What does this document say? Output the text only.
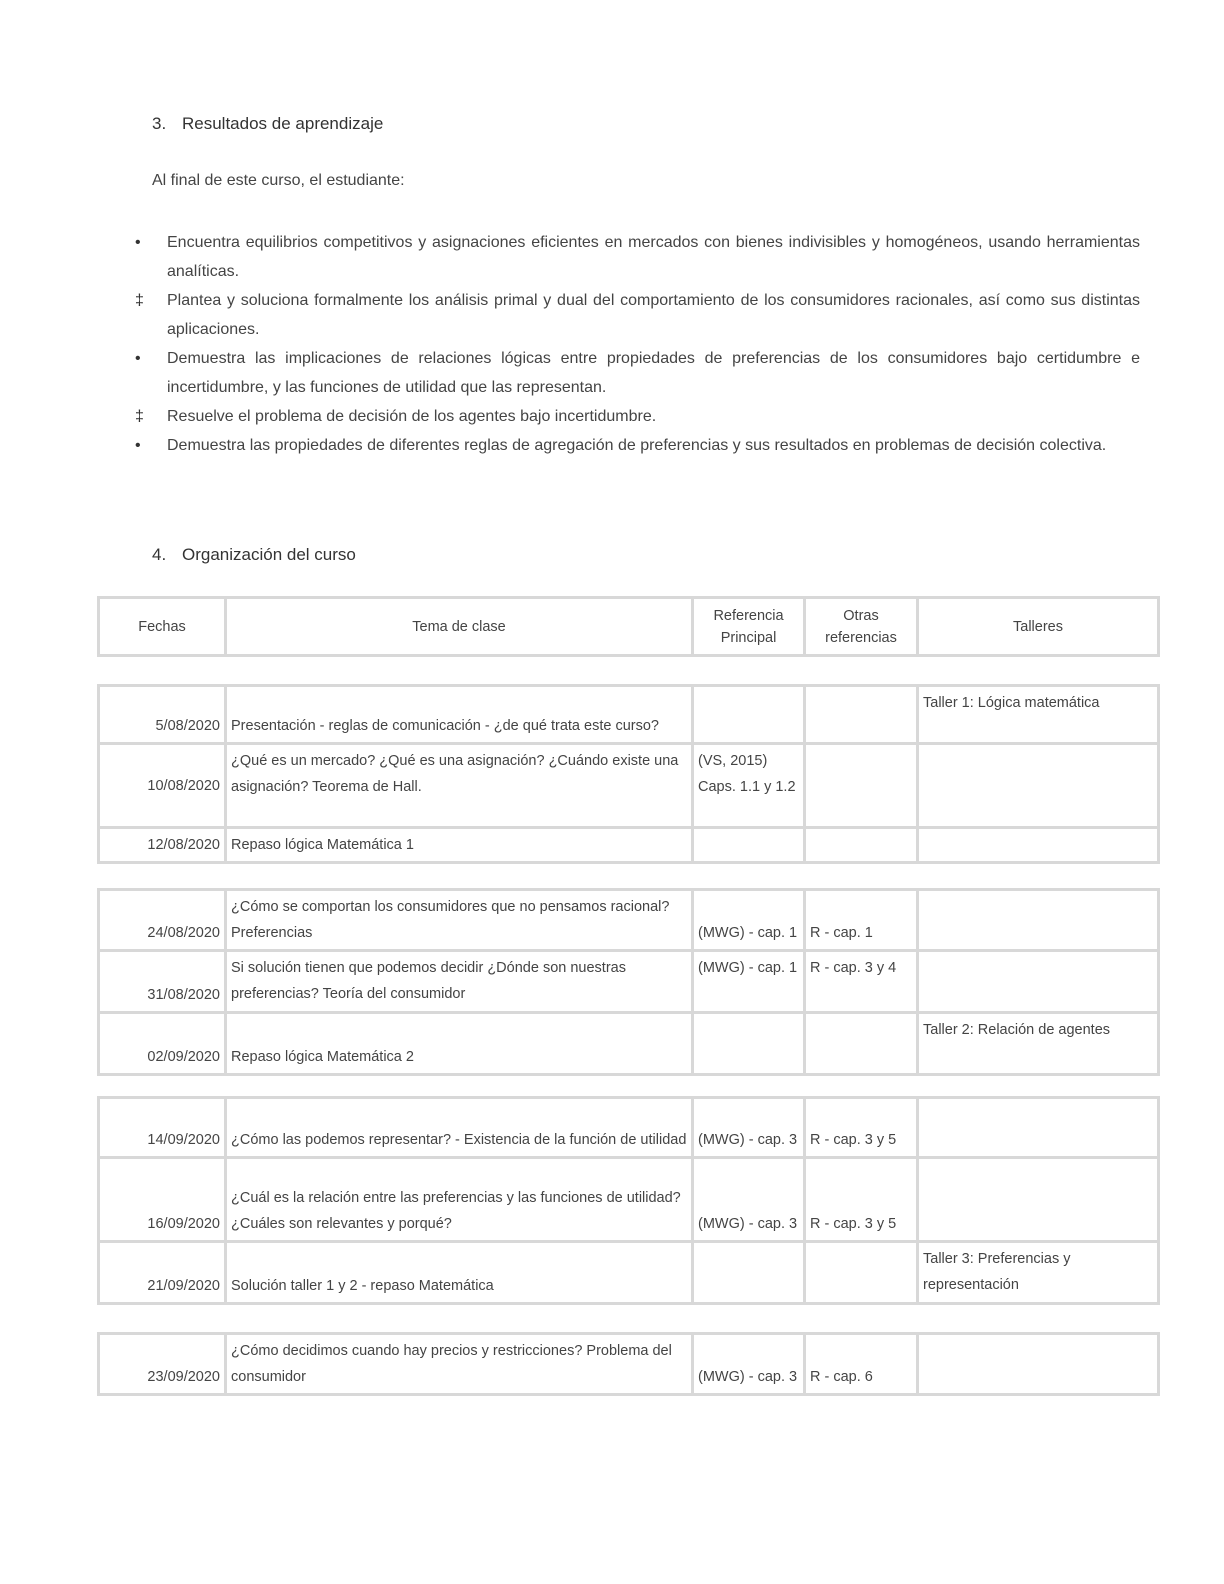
3. Resultados de aprendizaje
Al final de este curso, el estudiante:
•	Encuentra equilibrios competitivos y asignaciones eficientes en mercados con bienes indivisibles y homogéneos, usando herramientas analíticas.
‡	Plantea y soluciona formalmente los análisis primal y dual del comportamiento de los consumidores racionales, así como sus distintas aplicaciones.
•	Demuestra las implicaciones de relaciones lógicas entre propiedades de preferencias de los consumidores bajo certidumbre e incertidumbre, y las funciones de utilidad que las representan.
‡	Resuelve el problema de decisión de los agentes bajo incertidumbre.
•	Demuestra las propiedades de diferentes reglas de agregación de preferencias y sus resultados en problemas de decisión colectiva.
4. Organización del curso
Fechas	Tema de clase	Referencia Principal	Otras referencias	Talleres
5/08/2020	Presentación - reglas de comunicación - ¿de qué trata este curso?			Taller 1: Lógica matemática
10/08/2020	¿Qué es un mercado? ¿Qué es una asignación? ¿Cuándo existe una asignación? Teorema de Hall.	(VS, 2015) Caps. 1.1 y 1.2		
12/08/2020	Repaso lógica Matemática 1			
24/08/2020	¿Cómo se comportan los consumidores que no pensamos racional? Preferencias	(MWG) - cap. 1	R - cap. 1	
31/08/2020	Si solución tienen que podemos decidir ¿Dónde son nuestras preferencias? Teoría del consumidor	(MWG) - cap. 1	R - cap. 3 y 4	
02/09/2020	Repaso lógica Matemática 2			Taller 2: Relación de agentes
14/09/2020	¿Cómo las podemos representar? - Existencia de la función de utilidad	(MWG) - cap. 3	R - cap. 3 y 5	
16/09/2020	¿Cuál es la relación entre las preferencias y las funciones de utilidad? ¿Cuáles son relevantes y porqué?	(MWG) - cap. 3	R - cap. 3 y 5	
21/09/2020	Solución taller 1 y 2 - repaso Matemática			Taller 3: Preferencias y representación
23/09/2020	¿Cómo decidimos cuando hay precios y restricciones? Problema del consumidor	(MWG) - cap. 3	R - cap. 6	
